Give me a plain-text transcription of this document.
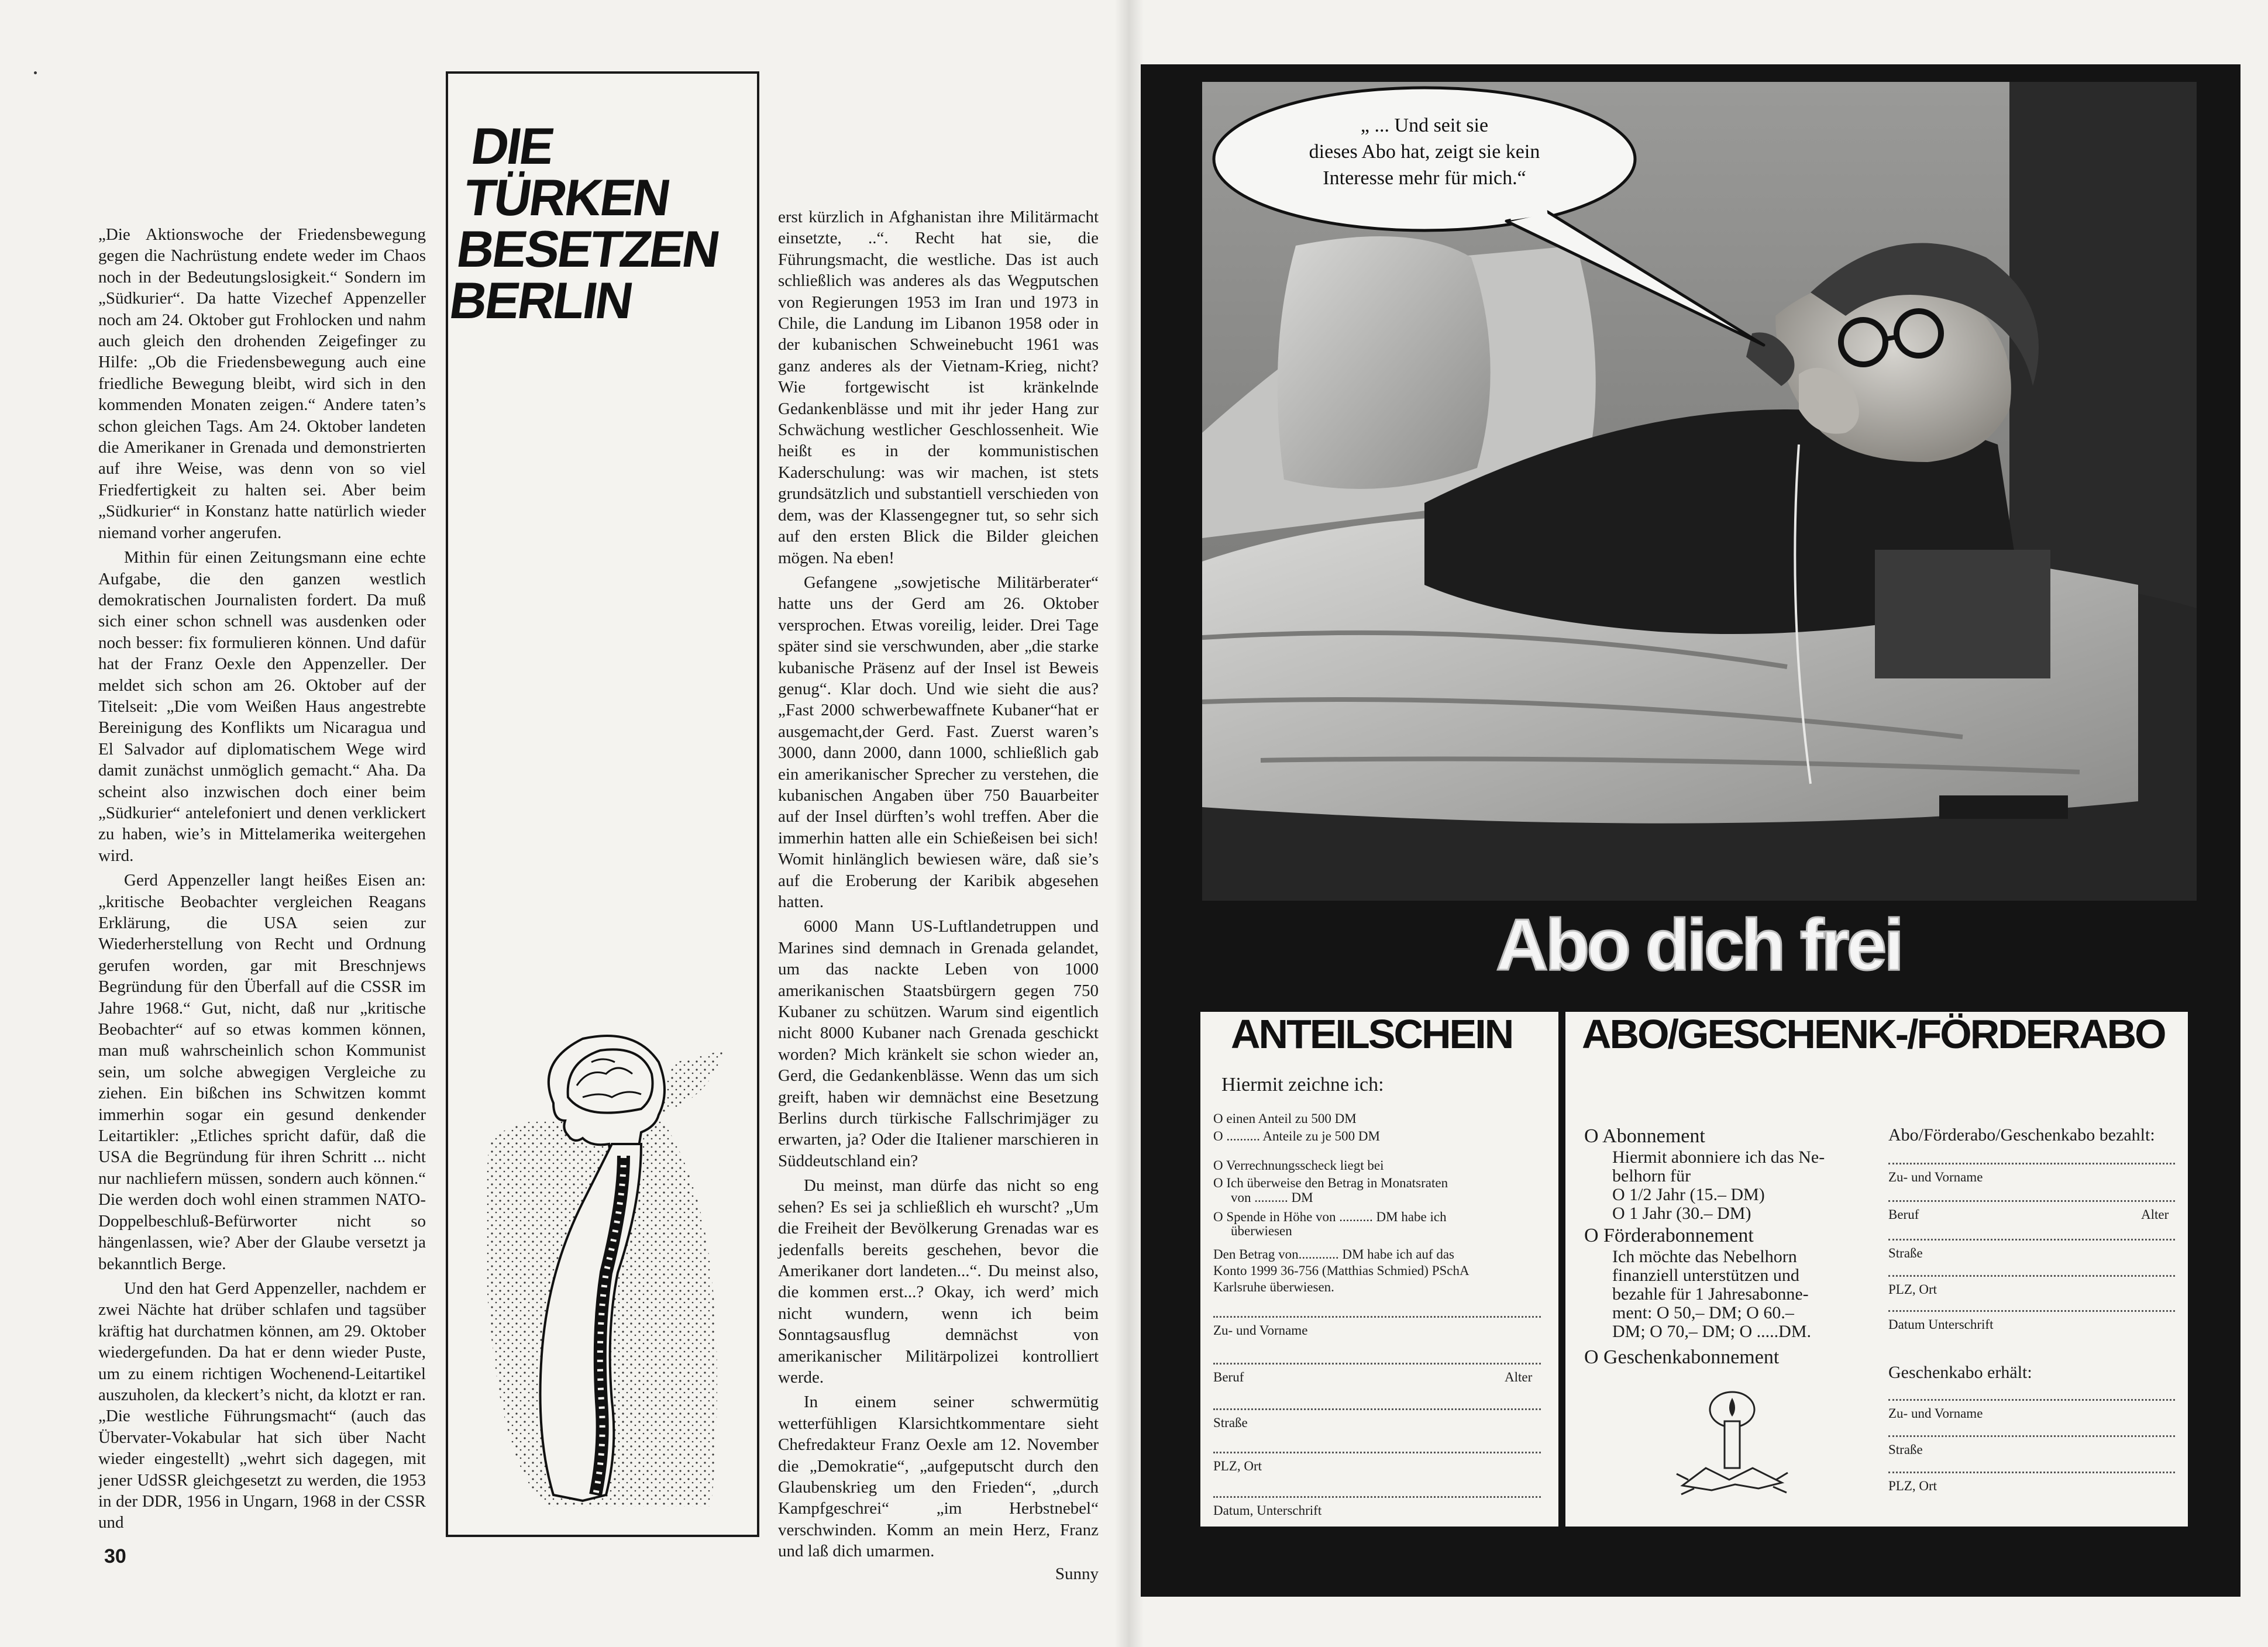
„Die Aktionswoche der Friedensbewegung gegen die Nachrüstung endete weder im Chaos noch in der Bedeutungslosigkeit.“ Sondern im „Südkurier“. Da hatte Vizechef Appenzeller noch am 24. Oktober gut Frohlocken und nahm auch gleich den drohenden Zeigefinger zu Hilfe: „Ob die Friedensbewegung auch eine friedliche Bewegung bleibt, wird sich in den kommenden Monaten zeigen.“ Andere taten’s schon gleichen Tags. Am 24. Oktober landeten die Amerikaner in Grenada und demonstrierten auf ihre Weise, was denn von so viel Friedfertigkeit zu halten sei. Aber beim „Südkurier“ in Konstanz hatte natürlich wieder niemand vorher angerufen.

Mithin für einen Zeitungsmann eine echte Aufgabe, die den ganzen westlich demokratischen Journalisten fordert. Da muß sich einer schon schnell was ausdenken oder noch besser: fix formulieren können. Und dafür hat der Franz Oexle den Appenzeller. Der meldet sich schon am 26. Oktober auf der Titelseit: „Die vom Weißen Haus angestrebte Bereinigung des Konflikts um Nicaragua und El Salvador auf diplomatischem Wege wird damit zunächst unmöglich gemacht.“ Aha. Da scheint also inzwischen doch einer beim „Südkurier“ antelefoniert und denen verklickert zu haben, wie’s in Mittelamerika weitergehen wird.

Gerd Appenzeller langt heißes Eisen an: „kritische Beobachter vergleichen Reagans Erklärung, die USA seien zur Wiederherstellung von Recht und Ordnung gerufen worden, gar mit Breschnjews Begründung für den Überfall auf die CSSR im Jahre 1968.“ Gut, nicht, daß nur „kritische Beobachter“ auf so etwas kommen können, man muß wahrscheinlich schon Kommunist sein, um solche abwegigen Vergleiche zu ziehen. Ein bißchen ins Schwitzen kommt immerhin sogar ein gesund denkender Leitartikler: „Etliches spricht dafür, daß die USA die Begründung für ihren Schritt ... nicht nur nachliefern müssen, sondern auch können.“ Die werden doch wohl einen strammen NATO-Doppelbeschluß-Befürworter nicht so hängenlassen, wie? Aber der Glaube versetzt ja bekanntlich Berge.

Und den hat Gerd Appenzeller, nachdem er zwei Nächte hat drüber schlafen und tagsüber kräftig hat durchatmen können, am 29. Oktober wiedergefunden. Da hat er denn wieder Puste, um zu einem richtigen Wochenend-Leitartikel auszuholen, da kleckert’s nicht, da klotzt er ran. „Die westliche Führungsmacht“ (auch das Übervater-Vokabular hat sich über Nacht wieder eingestellt) „wehrt sich dagegen, mit jener UdSSR gleichgesetzt zu werden, die 1953 in der DDR, 1956 in Ungarn, 1968 in der CSSR und

DIE TÜRKEN
BESETZEN
BERLIN

erst kürzlich in Afghanistan ihre Militärmacht einsetzte, ..“. Recht hat sie, die Führungsmacht, die westliche. Das ist auch schließlich was anderes als das Wegputschen von Regierungen 1953 im Iran und 1973 in Chile, die Landung im Libanon 1958 oder in der kubanischen Schweinebucht 1961 was ganz anderes als der Vietnam-Krieg, nicht? Wie fortgewischt ist kränkelnde Gedankenblässe und mit ihr jeder Hang zur Schwächung westlicher Geschlossenheit. Wie heißt es in der kommunistischen Kaderschulung: was wir machen, ist stets grundsätzlich und substantiell verschieden von dem, was der Klassengegner tut, so sehr sich auf den ersten Blick die Bilder gleichen mögen. Na eben!

Gefangene „sowjetische Militärberater“ hatte uns der Gerd am 26. Oktober versprochen. Etwas voreilig, leider. Drei Tage später sind sie verschwunden, aber „die starke kubanische Präsenz auf der Insel ist Beweis genug“. Klar doch. Und wie sieht die aus? „Fast 2000 schwerbewaffnete Kubaner“hat er ausgemacht,der Gerd. Fast. Zuerst waren’s 3000, dann 2000, dann 1000, schließlich gab ein amerikanischer Sprecher zu verstehen, die kubanischen Angaben über 750 Bauarbeiter auf der Insel dürften’s wohl treffen. Aber die immerhin hatten alle ein Schießeisen bei sich! Womit hinlänglich bewiesen wäre, daß sie’s auf die Eroberung der Karibik abgesehen hatten.

6000 Mann US-Luftlandetruppen und Marines sind demnach in Grenada gelandet, um das nackte Leben von 1000 amerikanischen Staatsbürgern gegen 750 Kubaner zu schützen. Warum sind eigentlich nicht 8000 Kubaner nach Grenada geschickt worden? Mich kränkelt sie schon wieder an, Gerd, die Gedankenblässe. Wenn das um sich greift, haben wir demnächst eine Besetzung Berlins durch türkische Fallschrimjäger zu erwarten, ja? Oder die Italiener marschieren in Süddeutschland ein?

Du meinst, man dürfe das nicht so eng sehen? Es sei ja schließlich eh wurscht? „Um die Freiheit der Bevölkerung Grenadas war es jedenfalls bereits geschehen, bevor die Amerikaner dort landeten...“. Du meinst also, die kommen erst...? Okay, ich werd’ mich nicht wundern, wenn ich beim Sonntagsausflug demnächst von amerikanischer Militärpolizei kontrolliert werde.

In einem seiner schwermütig wetterfühligen Klarsichtkommentare sieht Chefredakteur Franz Oexle am 12. November die „Demokratie“, „aufgeputscht durch den Glaubenskrieg um den Frieden“, „durch Kampfgeschrei“ „im Herbstnebel“ verschwinden. Komm an mein Herz, Franz und laß dich umarmen.

Sunny
30
„ ... Und seit sie
dieses Abo hat, zeigt sie kein
Interesse mehr für mich.“
Abo dich frei
ANTEILSCHEIN
Hiermit zeichne ich:
O einen Anteil zu 500 DM
O .......... Anteile zu je 500 DM
O Verrechnungsscheck liegt bei
O Ich überweise den Betrag in Monatsraten
von .......... DM
O Spende in Höhe von .......... DM habe ich
überwiesen
Den Betrag von............ DM habe ich auf das
Konto 1999 36-756 (Matthias Schmied) PSchA
Karlsruhe überwiesen.
Zu- und Vorname
Beruf	Alter
Straße
PLZ, Ort
Datum, Unterschrift
ABO/GESCHENK-/FÖRDERABO
O Abonnement
Hiermit abonniere ich das Ne-
belhorn für
O 1/2 Jahr (15.– DM)
O 1 Jahr (30.– DM)
O Förderabonnement
Ich möchte das Nebelhorn
finanziell unterstützen und
bezahle für 1 Jahresabonne-
ment: O 50,– DM; O 60.–
DM; O 70,– DM; O .....DM.
O Geschenkabonnement
Abo/Förderabo/Geschenkabo bezahlt:
Zu- und Vorname
Beruf	Alter
Straße
PLZ, Ort
Datum Unterschrift
Geschenkabo erhält:
Zu- und Vorname
Straße
PLZ, Ort
